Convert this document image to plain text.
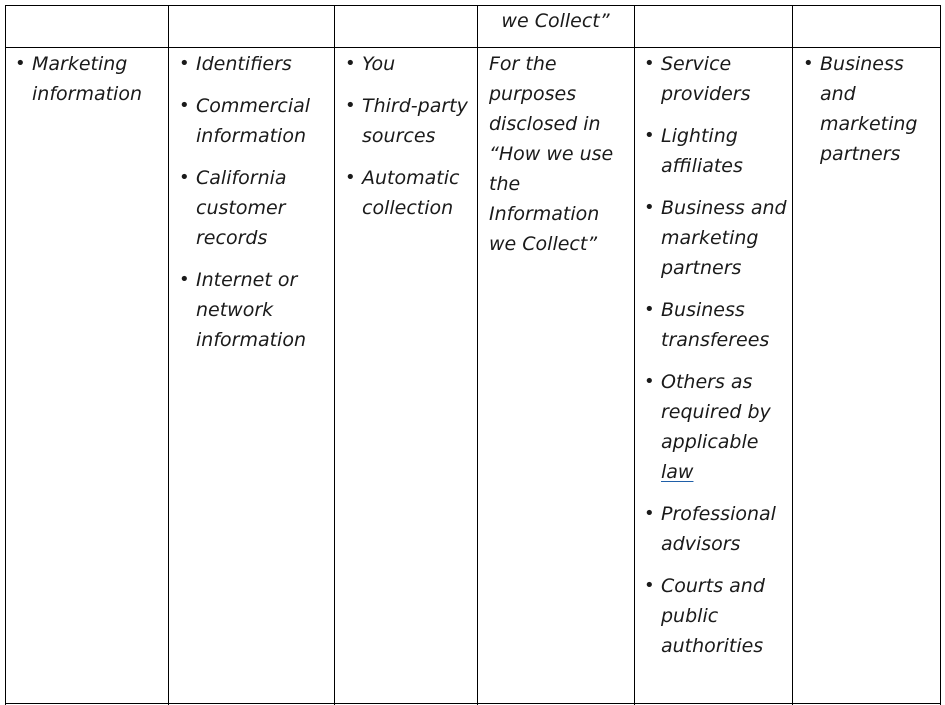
we Collect”
• Marketing information
• Identifiers
• Commercial information
• California customer records
• Internet or network information
• You
• Third-party sources
• Automatic collection
For the purposes disclosed in “How we use the Information we Collect”
• Service providers
• Lighting affiliates
• Business and marketing partners
• Business transferees
• Others as required by applicable law
• Professional advisors
• Courts and public authorities
• Business and marketing partners
